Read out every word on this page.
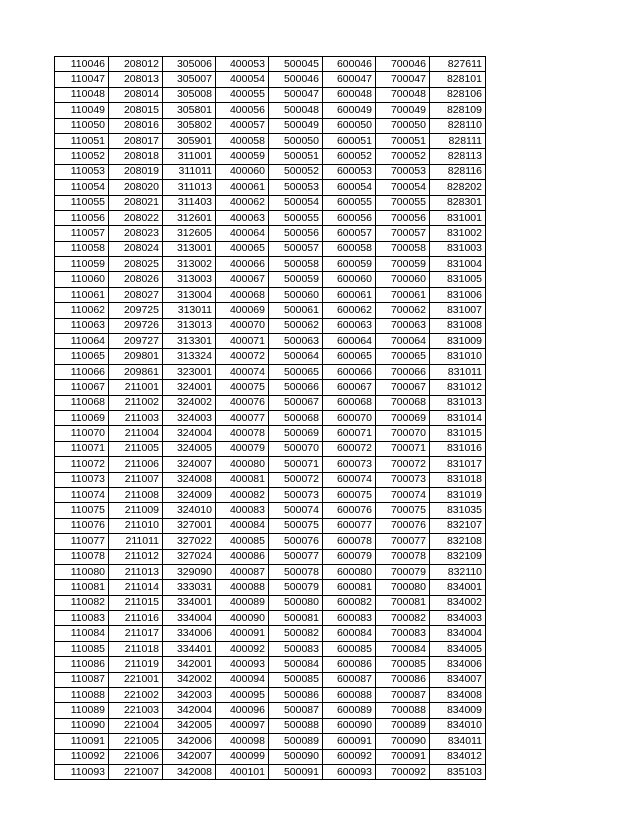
110046	208012	305006	400053	500045	600046	700046	827611
110047	208013	305007	400054	500046	600047	700047	828101
110048	208014	305008	400055	500047	600048	700048	828106
110049	208015	305801	400056	500048	600049	700049	828109
110050	208016	305802	400057	500049	600050	700050	828110
110051	208017	305901	400058	500050	600051	700051	828111
110052	208018	311001	400059	500051	600052	700052	828113
110053	208019	311011	400060	500052	600053	700053	828116
110054	208020	311013	400061	500053	600054	700054	828202
110055	208021	311403	400062	500054	600055	700055	828301
110056	208022	312601	400063	500055	600056	700056	831001
110057	208023	312605	400064	500056	600057	700057	831002
110058	208024	313001	400065	500057	600058	700058	831003
110059	208025	313002	400066	500058	600059	700059	831004
110060	208026	313003	400067	500059	600060	700060	831005
110061	208027	313004	400068	500060	600061	700061	831006
110062	209725	313011	400069	500061	600062	700062	831007
110063	209726	313013	400070	500062	600063	700063	831008
110064	209727	313301	400071	500063	600064	700064	831009
110065	209801	313324	400072	500064	600065	700065	831010
110066	209861	323001	400074	500065	600066	700066	831011
110067	211001	324001	400075	500066	600067	700067	831012
110068	211002	324002	400076	500067	600068	700068	831013
110069	211003	324003	400077	500068	600070	700069	831014
110070	211004	324004	400078	500069	600071	700070	831015
110071	211005	324005	400079	500070	600072	700071	831016
110072	211006	324007	400080	500071	600073	700072	831017
110073	211007	324008	400081	500072	600074	700073	831018
110074	211008	324009	400082	500073	600075	700074	831019
110075	211009	324010	400083	500074	600076	700075	831035
110076	211010	327001	400084	500075	600077	700076	832107
110077	211011	327022	400085	500076	600078	700077	832108
110078	211012	327024	400086	500077	600079	700078	832109
110080	211013	329090	400087	500078	600080	700079	832110
110081	211014	333031	400088	500079	600081	700080	834001
110082	211015	334001	400089	500080	600082	700081	834002
110083	211016	334004	400090	500081	600083	700082	834003
110084	211017	334006	400091	500082	600084	700083	834004
110085	211018	334401	400092	500083	600085	700084	834005
110086	211019	342001	400093	500084	600086	700085	834006
110087	221001	342002	400094	500085	600087	700086	834007
110088	221002	342003	400095	500086	600088	700087	834008
110089	221003	342004	400096	500087	600089	700088	834009
110090	221004	342005	400097	500088	600090	700089	834010
110091	221005	342006	400098	500089	600091	700090	834011
110092	221006	342007	400099	500090	600092	700091	834012
110093	221007	342008	400101	500091	600093	700092	835103
